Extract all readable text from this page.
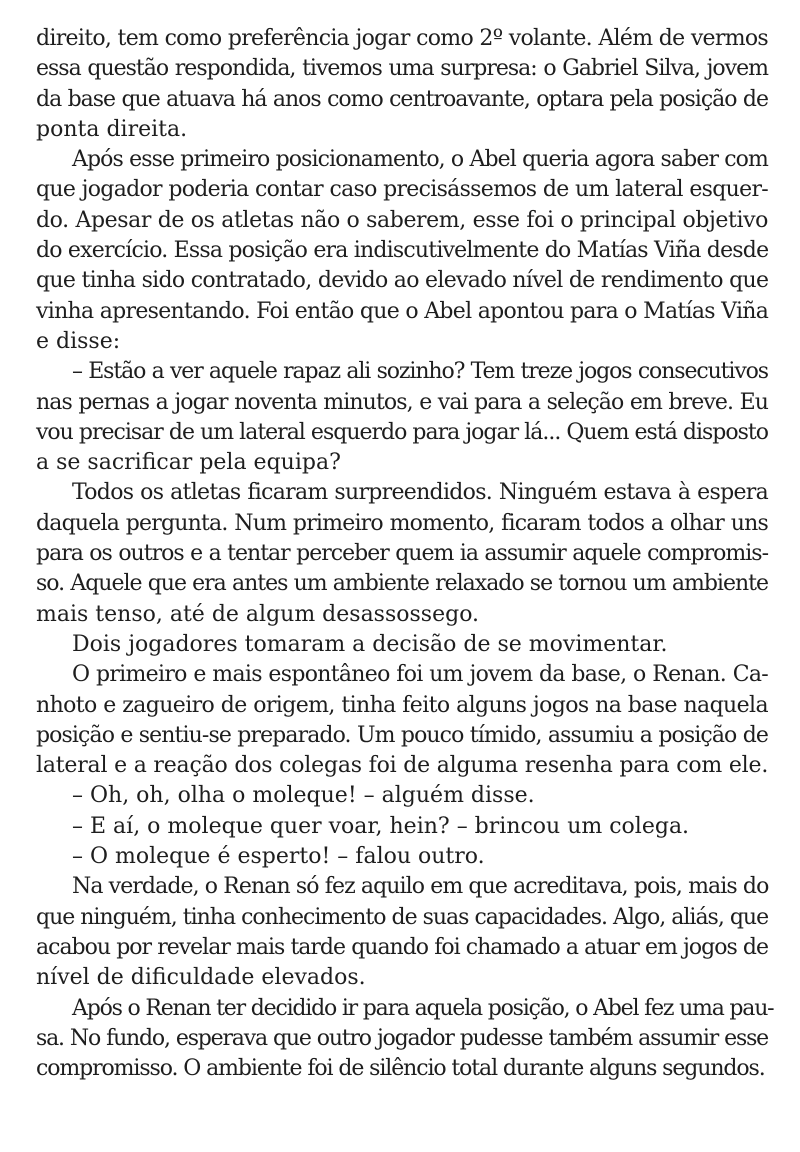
direito, tem como preferência jogar como 2º volante. Além de vermos
essa questão respondida, tivemos uma surpresa: o Gabriel Silva, jovem
da base que atuava há anos como centroavante, optara pela posição de
ponta direita.
Após esse primeiro posicionamento, o Abel queria agora saber com
que jogador poderia contar caso precisássemos de um lateral esquer-
do. Apesar de os atletas não o saberem, esse foi o principal objetivo
do exercício. Essa posição era indiscutivelmente do Matías Viña desde
que tinha sido contratado, devido ao elevado nível de rendimento que
vinha apresentando. Foi então que o Abel apontou para o Matías Viña
e disse:
– Estão a ver aquele rapaz ali sozinho? Tem treze jogos consecutivos
nas pernas a jogar noventa minutos, e vai para a seleção em breve. Eu
vou precisar de um lateral esquerdo para jogar lá... Quem está disposto
a se sacrificar pela equipa?
Todos os atletas ficaram surpreendidos. Ninguém estava à espera
daquela pergunta. Num primeiro momento, ficaram todos a olhar uns
para os outros e a tentar perceber quem ia assumir aquele compromis-
so. Aquele que era antes um ambiente relaxado se tornou um ambiente
mais tenso, até de algum desassossego.
Dois jogadores tomaram a decisão de se movimentar.
O primeiro e mais espontâneo foi um jovem da base, o Renan. Ca-
nhoto e zagueiro de origem, tinha feito alguns jogos na base naquela
posição e sentiu-se preparado. Um pouco tímido, assumiu a posição de
lateral e a reação dos colegas foi de alguma resenha para com ele.
– Oh, oh, olha o moleque! – alguém disse.
– E aí, o moleque quer voar, hein? – brincou um colega.
– O moleque é esperto! – falou outro.
Na verdade, o Renan só fez aquilo em que acreditava, pois, mais do
que ninguém, tinha conhecimento de suas capacidades. Algo, aliás, que
acabou por revelar mais tarde quando foi chamado a atuar em jogos de
nível de dificuldade elevados.
Após o Renan ter decidido ir para aquela posição, o Abel fez uma pau-
sa. No fundo, esperava que outro jogador pudesse também assumir esse
compromisso. O ambiente foi de silêncio total durante alguns segundos.
